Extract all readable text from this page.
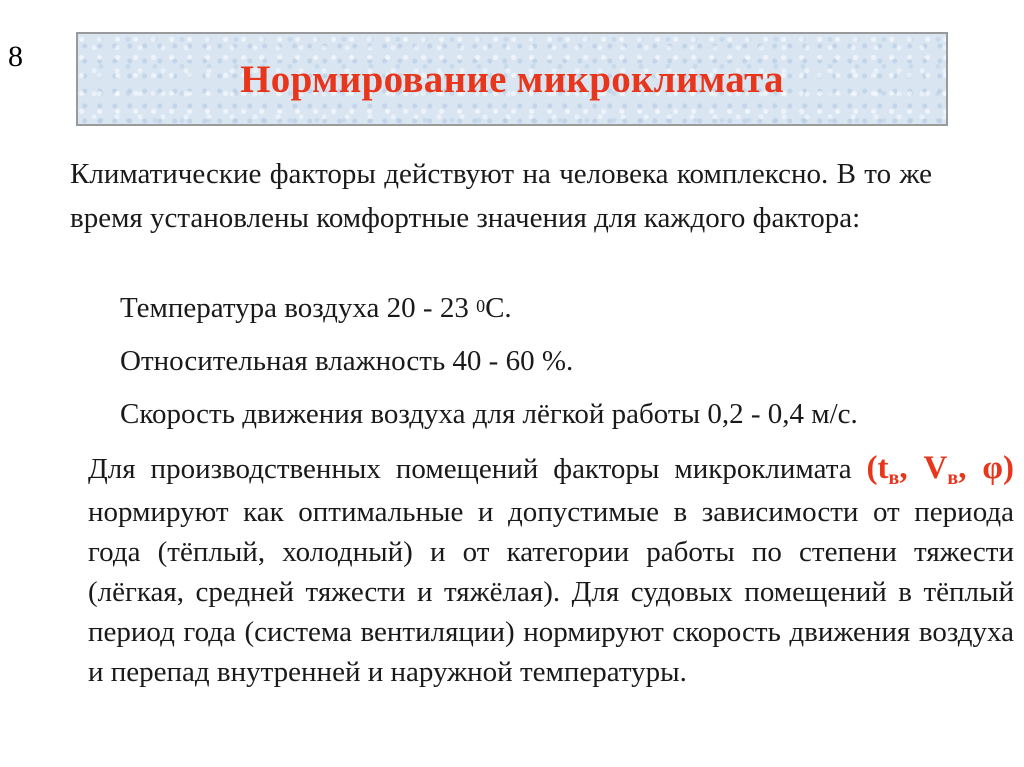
8
Нормирование микроклимата
Климатические факторы действуют на человека комплексно. В то же время установлены комфортные значения для каждого фактора:
Температура воздуха 20 - 23 $^0$С.
Относительная влажность 40 - 60 %.
Скорость движения воздуха для лёгкой работы 0,2 - 0,4 м/с.
Для производственных помещений факторы микроклимата ($t_в$, $V_в$, φ) нормируют как оптимальные и допустимые в зависимости от периода года (тёплый, холодный) и от категории работы по степени тяжести (лёгкая, средней тяжести и тяжёлая). Для судовых помещений в тёплый период года (система вентиляции) нормируют скорость движения воздуха и перепад внутренней и наружной температуры.
